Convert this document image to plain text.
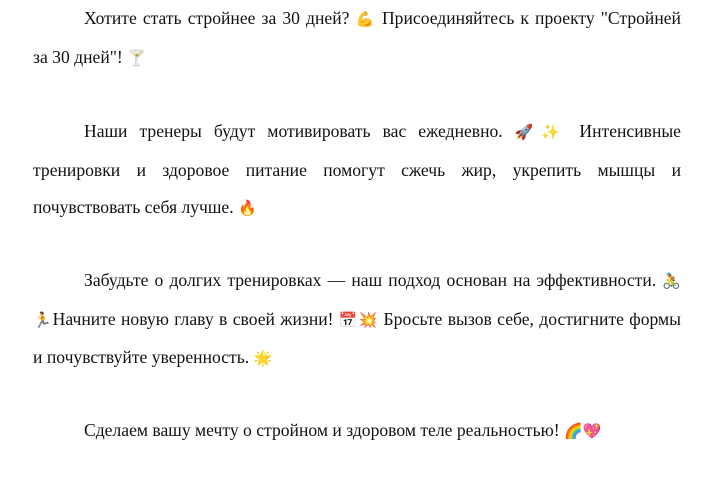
Хотите стать стройнее за 30 дней? 💪 Присоединяйтесь к проекту "Стройней за 30 дней"! 🍸

Наши тренеры будут мотивировать вас ежедневно. 🚀✨ Интенсивные тренировки и здоровое питание помогут сжечь жир, укрепить мышцы и почувствовать себя лучше. 🔥

Забудьте о долгих тренировках — наш подход основан на эффективности. 🚴🏃Начните новую главу в своей жизни! 📅💥 Бросьте вызов себе, достигните формы и почувствуйте уверенность. 🌟

Сделаем вашу мечту о стройном и здоровом теле реальностью! 🌈💖
